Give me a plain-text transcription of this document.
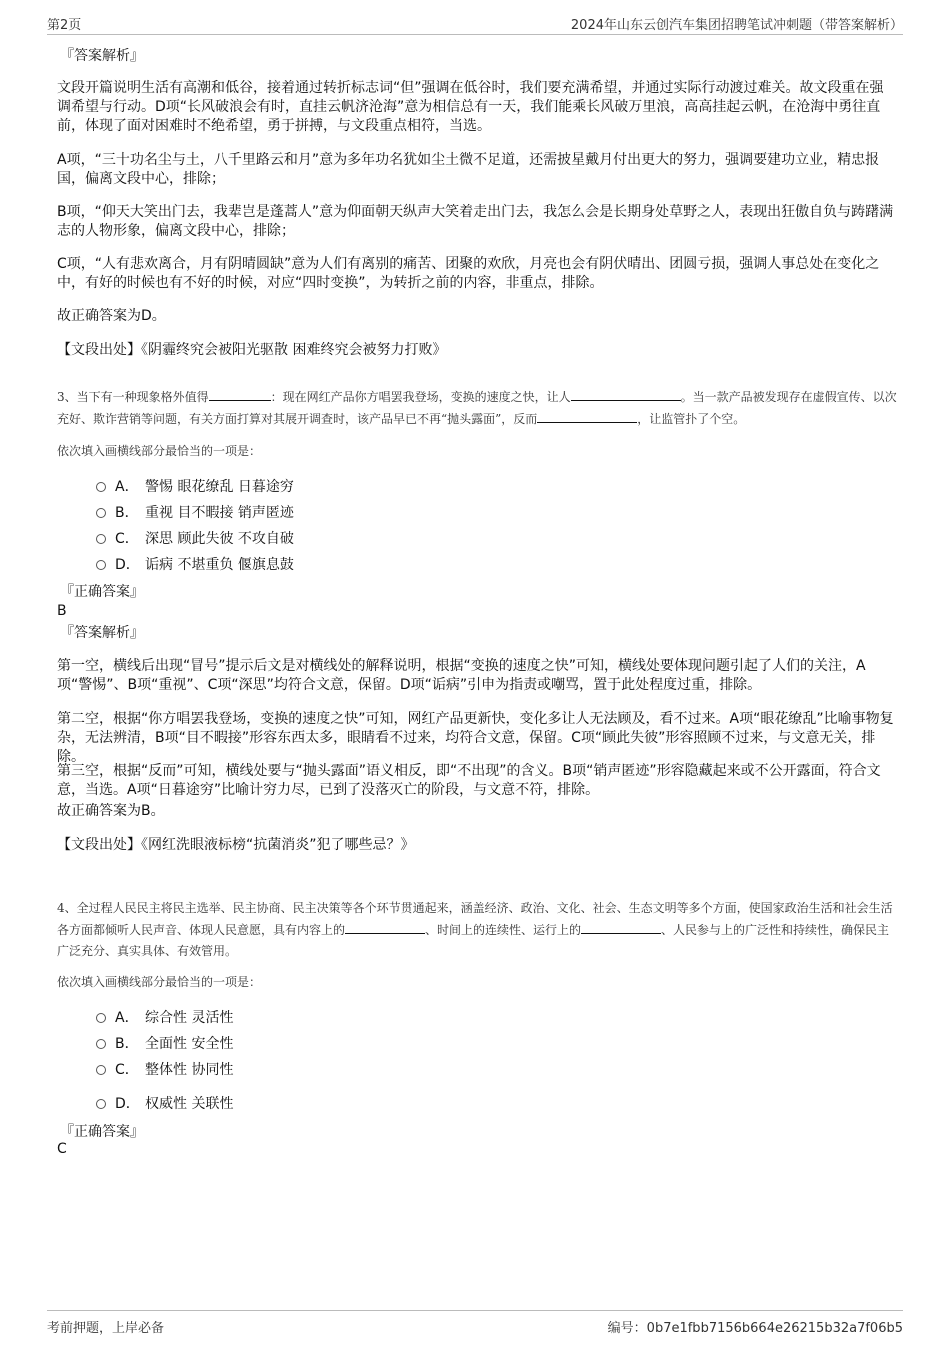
第2页	2024年山东云创汽车集团招聘笔试冲刺题（带答案解析）
『答案解析』
文段开篇说明生活有高潮和低谷，接着通过转折标志词“但”强调在低谷时，我们要充满希望，并通过实际行动渡过难关。故文段重在强调希望与行动。D项“长风破浪会有时，直挂云帆济沧海”意为相信总有一天，我们能乘长风破万里浪，高高挂起云帆，在沧海中勇往直前，体现了面对困难时不绝希望，勇于拼搏，与文段重点相符，当选。
A项，“三十功名尘与土，八千里路云和月”意为多年功名犹如尘土微不足道，还需披星戴月付出更大的努力，强调要建功立业，精忠报国，偏离文段中心，排除；
B项，“仰天大笑出门去，我辈岂是蓬蒿人”意为仰面朝天纵声大笑着走出门去，我怎么会是长期身处草野之人，表现出狂傲自负与踌躇满志的人物形象，偏离文段中心，排除；
C项，“人有悲欢离合，月有阴晴圆缺”意为人们有离别的痛苦、团聚的欢欣，月亮也会有阴伏晴出、团圆亏损，强调人事总处在变化之中，有好的时候也有不好的时候，对应“四时变换”，为转折之前的内容，非重点，排除。
故正确答案为D。
【文段出处】《阴霾终究会被阳光驱散 困难终究会被努力打败》
3、当下有一种现象格外值得	：现在网红产品你方唱罢我登场，变换的速度之快，让人	。当一款产品被发现存在虚假宣传、以次充好、欺诈营销等问题，有关方面打算对其展开调查时，该产品早已不再“抛头露面”，反而	，让监管扑了个空。
依次填入画横线部分最恰当的一项是：
A． 警惕 眼花缭乱 日暮途穷
B． 重视 目不暇接 销声匿迹
C． 深思 顾此失彼 不攻自破
D． 诟病 不堪重负 偃旗息鼓
『正确答案』
B
『答案解析』
第一空，横线后出现“冒号”提示后文是对横线处的解释说明，根据“变换的速度之快”可知，横线处要体现问题引起了人们的关注，A项“警惕”、B项“重视”、C项“深思”均符合文意，保留。D项“诟病”引申为指责或嘲骂，置于此处程度过重，排除。
第二空，根据“你方唱罢我登场，变换的速度之快”可知，网红产品更新快，变化多让人无法顾及，看不过来。A项“眼花缭乱”比喻事物复杂，无法辨清，B项“目不暇接”形容东西太多，眼睛看不过来，均符合文意，保留。C项“顾此失彼”形容照顾不过来，与文意无关，排除。
第三空，根据“反而”可知，横线处要与“抛头露面”语义相反，即“不出现”的含义。B项“销声匿迹”形容隐藏起来或不公开露面，符合文意，当选。A项“日暮途穷”比喻计穷力尽，已到了没落灭亡的阶段，与文意不符，排除。
故正确答案为B。
【文段出处】《网红洗眼液标榜“抗菌消炎”犯了哪些忌？》
4、全过程人民民主将民主选举、民主协商、民主决策等各个环节贯通起来，涵盖经济、政治、文化、社会、生态文明等多个方面，使国家政治生活和社会生活各方面都倾听人民声音、体现人民意愿，具有内容上的	、时间上的连续性、运行上的	、人民参与上的广泛性和持续性，确保民主广泛充分、真实具体、有效管用。
依次填入画横线部分最恰当的一项是：
A． 综合性 灵活性
B． 全面性 安全性
C． 整体性 协同性
D． 权威性 关联性
『正确答案』
C
考前押题，上岸必备	编号：0b7e1fbb7156b664e26215b32a7f06b5
